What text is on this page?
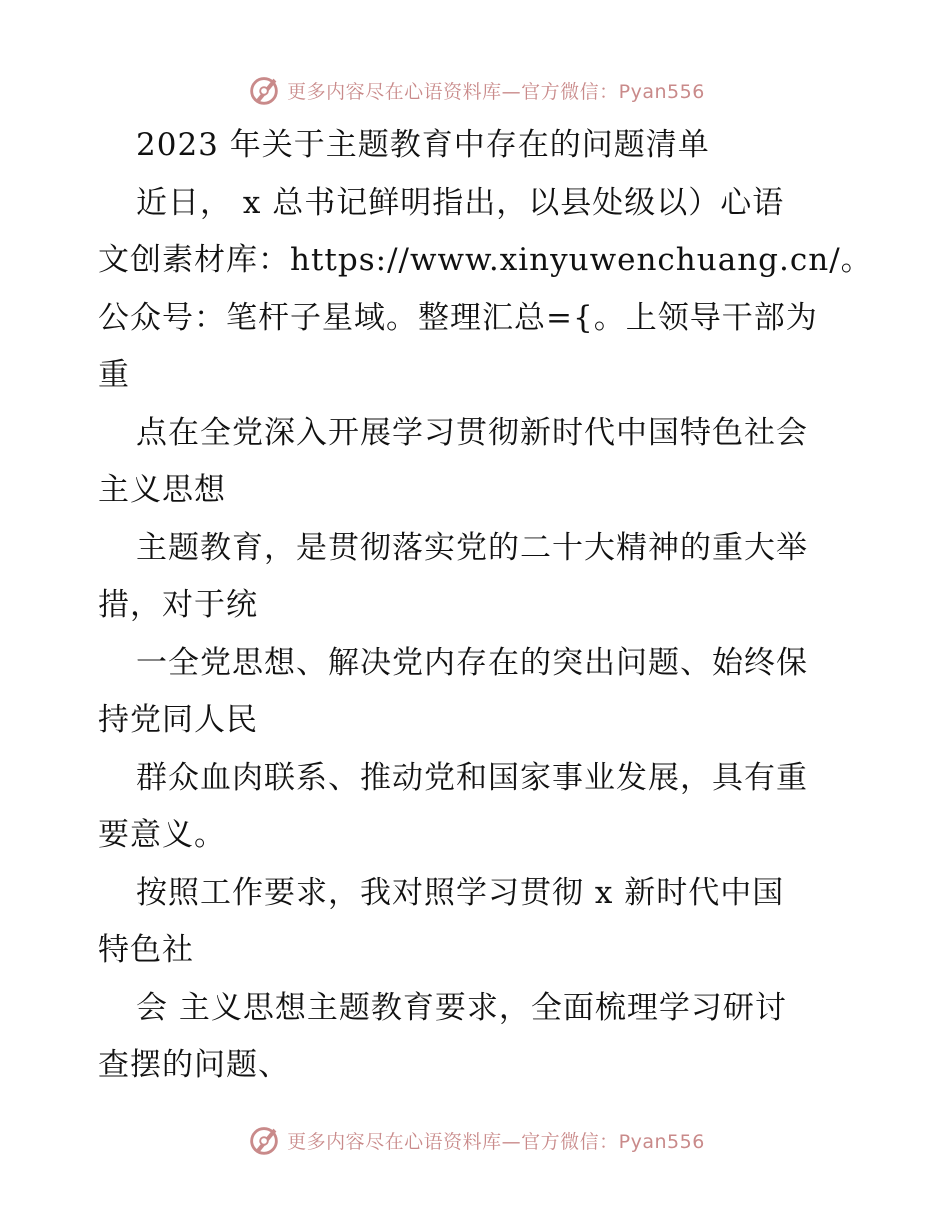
更多内容尽在心语资料库—官方微信：Pyan556
2023 年关于主题教育中存在的问题清单
近日， x 总书记鲜明指出，以县处级以）心语
文创素材库：https://www.xinyuwenchuang.cn/。
公众号：笔杆子星域。整理汇总={。上领导干部为
重
点在全党深入开展学习贯彻新时代中国特色社会
主义思想
主题教育，是贯彻落实党的二十大精神的重大举
措，对于统
一全党思想、解决党内存在的突出问题、始终保
持党同人民
群众血肉联系、推动党和国家事业发展，具有重
要意义。
按照工作要求，我对照学习贯彻 x 新时代中国
特色社
会 主义思想主题教育要求，全面梳理学习研讨
查摆的问题、
更多内容尽在心语资料库—官方微信：Pyan556
